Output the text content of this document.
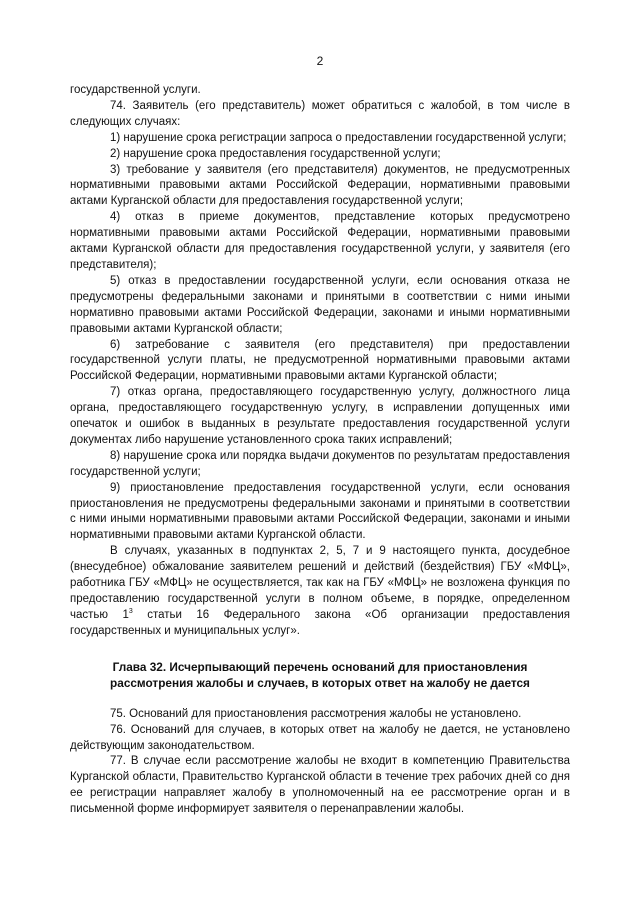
2

государственной услуги.

74. Заявитель (его представитель) может обратиться с жалобой, в том числе в следующих случаях:

1) нарушение срока регистрации запроса о предоставлении государственной услуги;

2) нарушение срока предоставления государственной услуги;

3) требование у заявителя (его представителя) документов, не предусмотренных нормативными правовыми актами Российской Федерации, нормативными правовыми актами Курганской области для предоставления государственной услуги;

4) отказ в приеме документов, представление которых предусмотрено нормативными правовыми актами Российской Федерации, нормативными правовыми актами Курганской области для предоставления государственной услуги, у заявителя (его представителя);

5) отказ в предоставлении государственной услуги, если основания отказа не предусмотрены федеральными законами и принятыми в соответствии с ними иными нормативно правовыми актами Российской Федерации, законами и иными нормативными правовыми актами Курганской области;

6) затребование с заявителя (его представителя) при предоставлении государственной услуги платы, не предусмотренной нормативными правовыми актами Российской Федерации, нормативными правовыми актами Курганской области;

7) отказ органа, предоставляющего государственную услугу, должностного лица органа, предоставляющего государственную услугу, в исправлении допущенных ими опечаток и ошибок в выданных в результате предоставления государственной услуги документах либо нарушение установленного срока таких исправлений;

8) нарушение срока или порядка выдачи документов по результатам предоставления государственной услуги;

9) приостановление предоставления государственной услуги, если основания приостановления не предусмотрены федеральными законами и принятыми в соответствии с ними иными нормативными правовыми актами Российской Федерации, законами и иными нормативными правовыми актами Курганской области.

В случаях, указанных в подпунктах 2, 5, 7 и 9 настоящего пункта, досудебное (внесудебное) обжалование заявителем решений и действий (бездействия) ГБУ «МФЦ», работника ГБУ «МФЦ» не осуществляется, так как на ГБУ «МФЦ» не возложена функция по предоставлению государственной услуги в полном объеме, в порядке, определенном частью $1^3$ статьи 16 Федерального закона «Об организации предоставления государственных и муниципальных услуг».

Глава 32. Исчерпывающий перечень оснований для приостановления
рассмотрения жалобы и случаев, в которых ответ на жалобу не дается

75. Оснований для приостановления рассмотрения жалобы не установлено.

76. Оснований для случаев, в которых ответ на жалобу не дается, не установлено действующим законодательством.

77. В случае если рассмотрение жалобы не входит в компетенцию Правительства Курганской области, Правительство Курганской области в течение трех рабочих дней со дня ее регистрации направляет жалобу в уполномоченный на ее рассмотрение орган и в письменной форме информирует заявителя о перенаправлении жалобы.
